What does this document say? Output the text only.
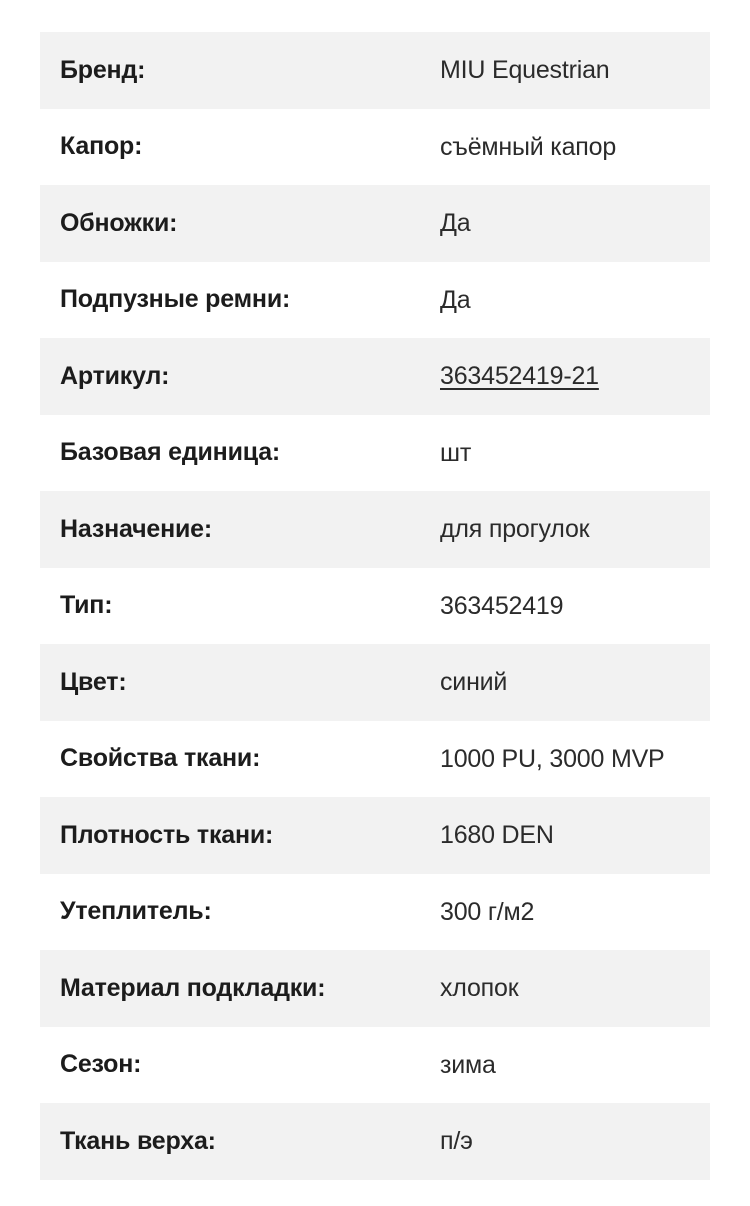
Бренд:	MIU Equestrian
Капор:	съёмный капор
Обножки:	Да
Подпузные ремни:	Да
Артикул:	363452419-21
Базовая единица:	шт
Назначение:	для прогулок
Тип:	363452419
Цвет:	синий
Свойства ткани:	1000 PU, 3000 MVP
Плотность ткани:	1680 DEN
Утеплитель:	300 г/м2
Материал подкладки:	хлопок
Сезон:	зима
Ткань верха:	п/э
